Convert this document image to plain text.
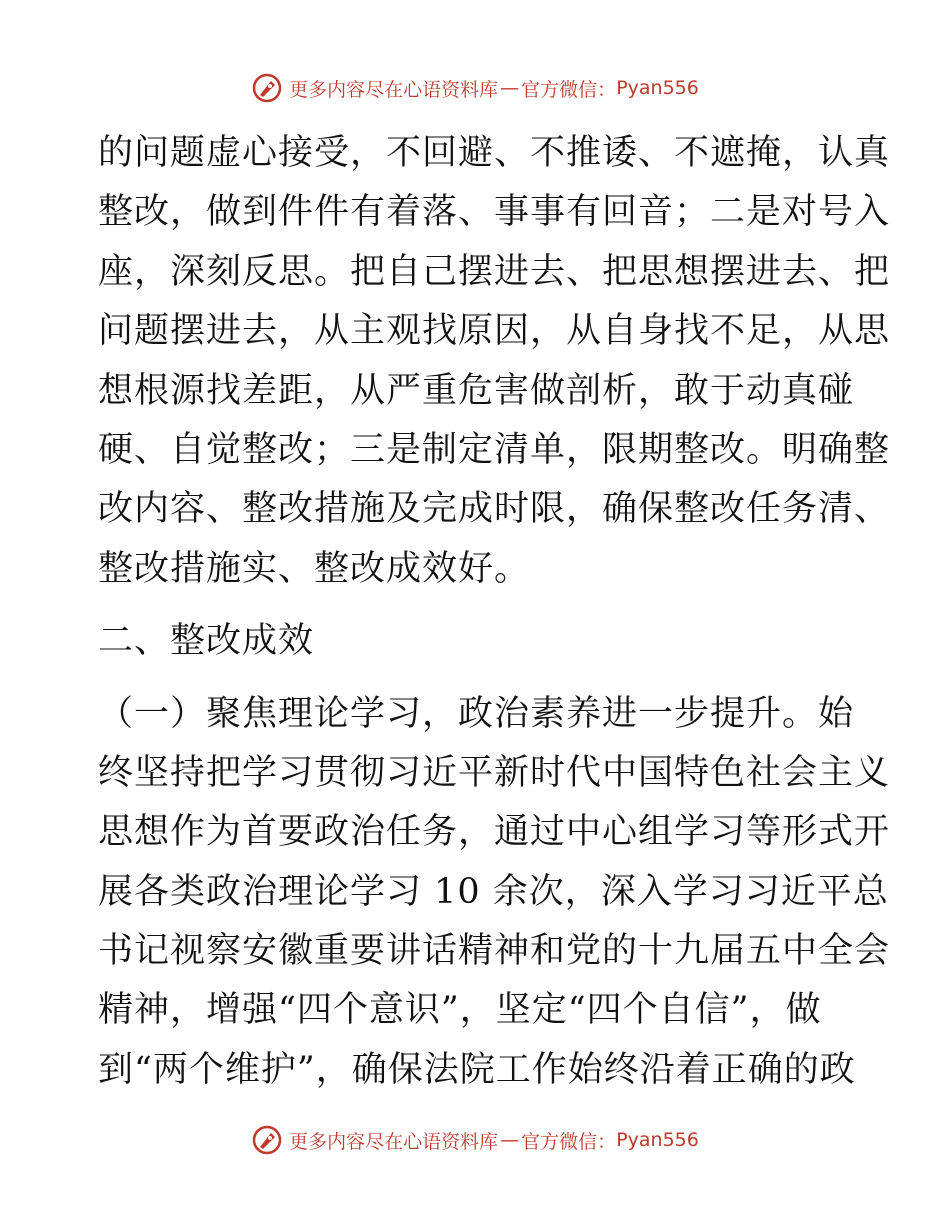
更多内容尽在心语资料库 — 官方微信： Pyan556
的问题虚心接受，不回避、不推诿、不遮掩，认真
整改，做到件件有着落、事事有回音；二是对号入
座，深刻反思。把自己摆进去、把思想摆进去、把
问题摆进去，从主观找原因，从自身找不足，从思
想根源找差距，从严重危害做剖析，敢于动真碰
硬、自觉整改；三是制定清单，限期整改。明确整
改内容、整改措施及完成时限，确保整改任务清、
整改措施实、整改成效好。
二、整改成效
（一）聚焦理论学习，政治素养进一步提升。始
终坚持把学习贯彻习近平新时代中国特色社会主义
思想作为首要政治任务，通过中心组学习等形式开
展各类政治理论学习 10 余次，深入学习习近平总
书记视察安徽重要讲话精神和党的十九届五中全会
精神，增强“四个意识”，坚定“四个自信”，做
到“两个维护”，确保法院工作始终沿着正确的政
更多内容尽在心语资料库 — 官方微信： Pyan556
